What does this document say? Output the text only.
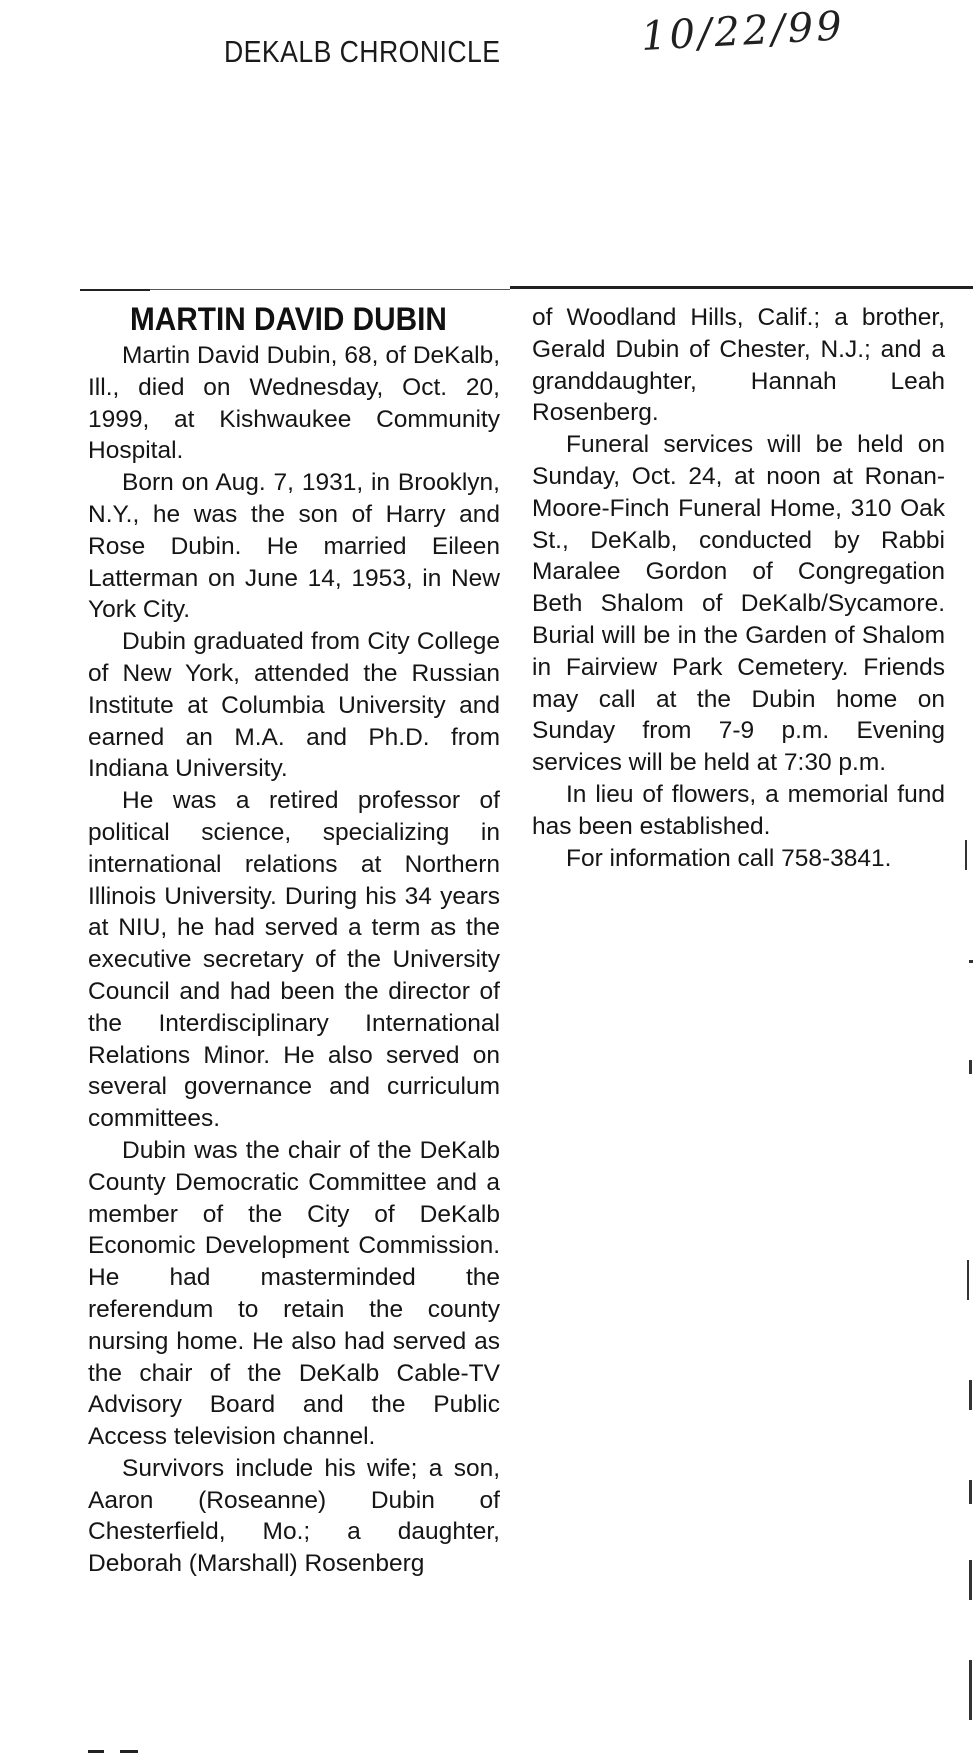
DEKALB CHRONICLE	10/22/99
MARTIN DAVID DUBIN

Martin David Dubin, 68, of DeKalb, Ill., died on Wednesday, Oct. 20, 1999, at Kishwaukee Community Hospital.

Born on Aug. 7, 1931, in Brooklyn, N.Y., he was the son of Harry and Rose Dubin. He married Eileen Latterman on June 14, 1953, in New York City.

Dubin graduated from City College of New York, attended the Russian Institute at Columbia University and earned an M.A. and Ph.D. from Indiana University.

He was a retired professor of political science, specializing in international relations at Northern Illinois University. During his 34 years at NIU, he had served a term as the executive secretary of the University Council and had been the director of the Interdisciplinary International Relations Minor. He also served on several governance and curriculum committees.

Dubin was the chair of the DeKalb County Democratic Committee and a member of the City of DeKalb Economic Development Commission. He had masterminded the referendum to retain the county nursing home. He also had served as the chair of the DeKalb Cable-TV Advisory Board and the Public Access television channel.

Survivors include his wife; a son, Aaron (Roseanne) Dubin of Chesterfield, Mo.; a daughter, Deborah (Marshall) Rosenberg

of Woodland Hills, Calif.; a brother, Gerald Dubin of Chester, N.J.; and a granddaughter, Hannah Leah Rosenberg.

Funeral services will be held on Sunday, Oct. 24, at noon at Ronan-Moore-Finch Funeral Home, 310 Oak St., DeKalb, conducted by Rabbi Maralee Gordon of Congregation Beth Shalom of DeKalb/Sycamore. Burial will be in the Garden of Shalom in Fairview Park Cemetery. Friends may call at the Dubin home on Sunday from 7-9 p.m. Evening services will be held at 7:30 p.m.

In lieu of flowers, a memorial fund has been established.

For information call 758-3841.
